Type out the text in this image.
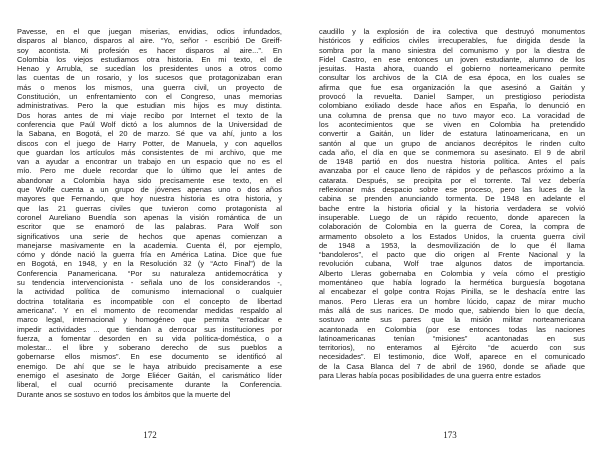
Pavesse, en el que juegan miserias, envidias, odios infundados,
disparos al blanco, disparos al aire. “Yo, señor - escribió De Greiff-
soy acontista. Mi profesión es hacer disparos al aire...”. En
Colombia los viejos estudiamos otra historia. En mi texto, el de
Henao y Arrubla, se sucedían los presidentes unos a otros como
las cuentas de un rosario, y los sucesos que protagonizaban eran
más o menos los mismos, una guerra civil, un proyecto de
Constitución, un enfrentamiento con el Congreso, unas memorias
administrativas. Pero la que estudian mis hijos es muy distinta.
Dos horas antes de mi viaje recibo por Internet el texto de la
conferencia que Paúl Wolf dictó a los alumnos de la Universidad de
la Sabana, en Bogotá, el 20 de marzo. Sé que va ahí, junto a los
discos con el juego de Harry Potter, de Manuela, y con aquellos
que guardan los artículos más consistentes de mi archivo, que me
van a ayudar a encontrar un trabajo en un espacio que no es el
mío. Pero me duele recordar que lo último que leí antes de
abandonar a Colombia haya sido precisamente ese texto, en el
que Wolfe cuenta a un grupo de jóvenes apenas uno o dos años
mayores que Fernando, que hoy nuestra historia es otra historia, y
que las 21 guerras civiles que tuvieron como protagonista al
coronel Aureliano Buendía son apenas la visión romántica de un
escritor que se enamoró de las palabras. Para Wolf son
significativos una serie de hechos que apenas comienzan a
manejarse masivamente en la academia. Cuenta él, por ejemplo,
cómo y dónde nació la guerra fría en América Latina. Dice que fue
en Bogotá, en 1948, y en la Resolución 32 (y “Acto Final”) de la
Conferencia Panamericana. “Por su naturaleza antidemocrática y
su tendencia intervencionista - señala uno de los considerandos -,
la actividad política de comunismo internacional o cualquier
doctrina totalitaria es incompatible con el concepto de libertad
americana”. Y en el momento de recomendar medidas respaldo al
marco legal, internacional y homogéneo que permita “erradicar e
impedir actividades ... que tiendan a derrocar sus instituciones por
fuerza, a fomentar desorden en su vida política-doméstica, o a
molestar... el libre y soberano derecho de sus pueblos a
gobernarse ellos mismos”. En ese documento se identificó al
enemigo. De ahí que se le haya atribuido precisamente a ese
enemigo el asesinato de Jorge Eliécer Gaitán, el carismático líder
liberal, el cual ocurrió precisamente durante la Conferencia.
Durante anos se sostuvo en todos los ámbitos que la muerte del
172
caudillo y la explosión de ira colectiva que destruyó monumentos
históricos y edificios civiles irrecuperables, fue dirigida desde la
sombra por la mano siniestra del comunismo y por la diestra de
Fidel Castro, en ese entonces un joven estudiante, alumno de los
jesuitas. Hasta ahora, cuando el gobierno norteamericano permite
consultar los archivos de la CIA de esa época, en los cuales se
afirma que fue esa organización la que asesinó a Gaitán y
provocó la revuelta. Daniel Samper, un prestigioso periodista
colombiano exiliado desde hace años en España, lo denunció en
una columna de prensa que no tuvo mayor eco. La voracidad de
los acontecimientos que se viven en Colombia ha pretendido
convertir a Gaitán, un líder de estatura latinoamericana, en un
santón al que un grupo de ancianos decrépitos le rinden culto
cada año, el día en que se conmemora su asesinato. El 9 de abril
de 1948 partió en dos nuestra historia política. Antes el país
avanzaba por el cauce lleno de rápidos y de peñascos próximo a la
catarata. Después, se precipita por el torrente. Tal vez debería
reflexionar más despacio sobre ese proceso, pero las luces de la
cabina se prenden anunciando tormenta. De 1948 en adelante el
bache entre la historia oficial y la historia verdadera se volvió
insuperable. Luego de un rápido recuento, donde aparecen la
colaboración de Colombia en la guerra de Corea, la compra de
armamento obsoleto a los Estados Unidos, la cruenta guerra civil
de 1948 a 1953, la desmovilización de lo que él llama
“bandoleros”, el pacto que dio origen al Frente Nacional y la
revolución cubana, Wolf trae algunos datos de importancia.
Alberto Lleras gobernaba en Colombia y veía cómo el prestigio
momentáneo que había logrado la hermética burguesía bogotana
al encabezar el golpe contra Rojas Pinilla, se le deshacía entre las
manos. Pero Lleras era un hombre lúcido, capaz de mirar mucho
más allá de sus narices. De modo que, sabiendo bien lo que decía,
sostuvo ante sus pares que la misión militar norteamericana
acantonada en Colombia (por ese entonces todas las naciones
latinoamericanas tenían “misiones” acantonadas en sus
territorios), no enteramos al Ejército “de acuerdo con sus
necesidades”. El testimonio, dice Wolf, aparece en el comunicado
de la Casa Blanca del 7 de abril de 1960, donde se añade que
para Lleras había pocas posibilidades de una guerra entre estados
173
